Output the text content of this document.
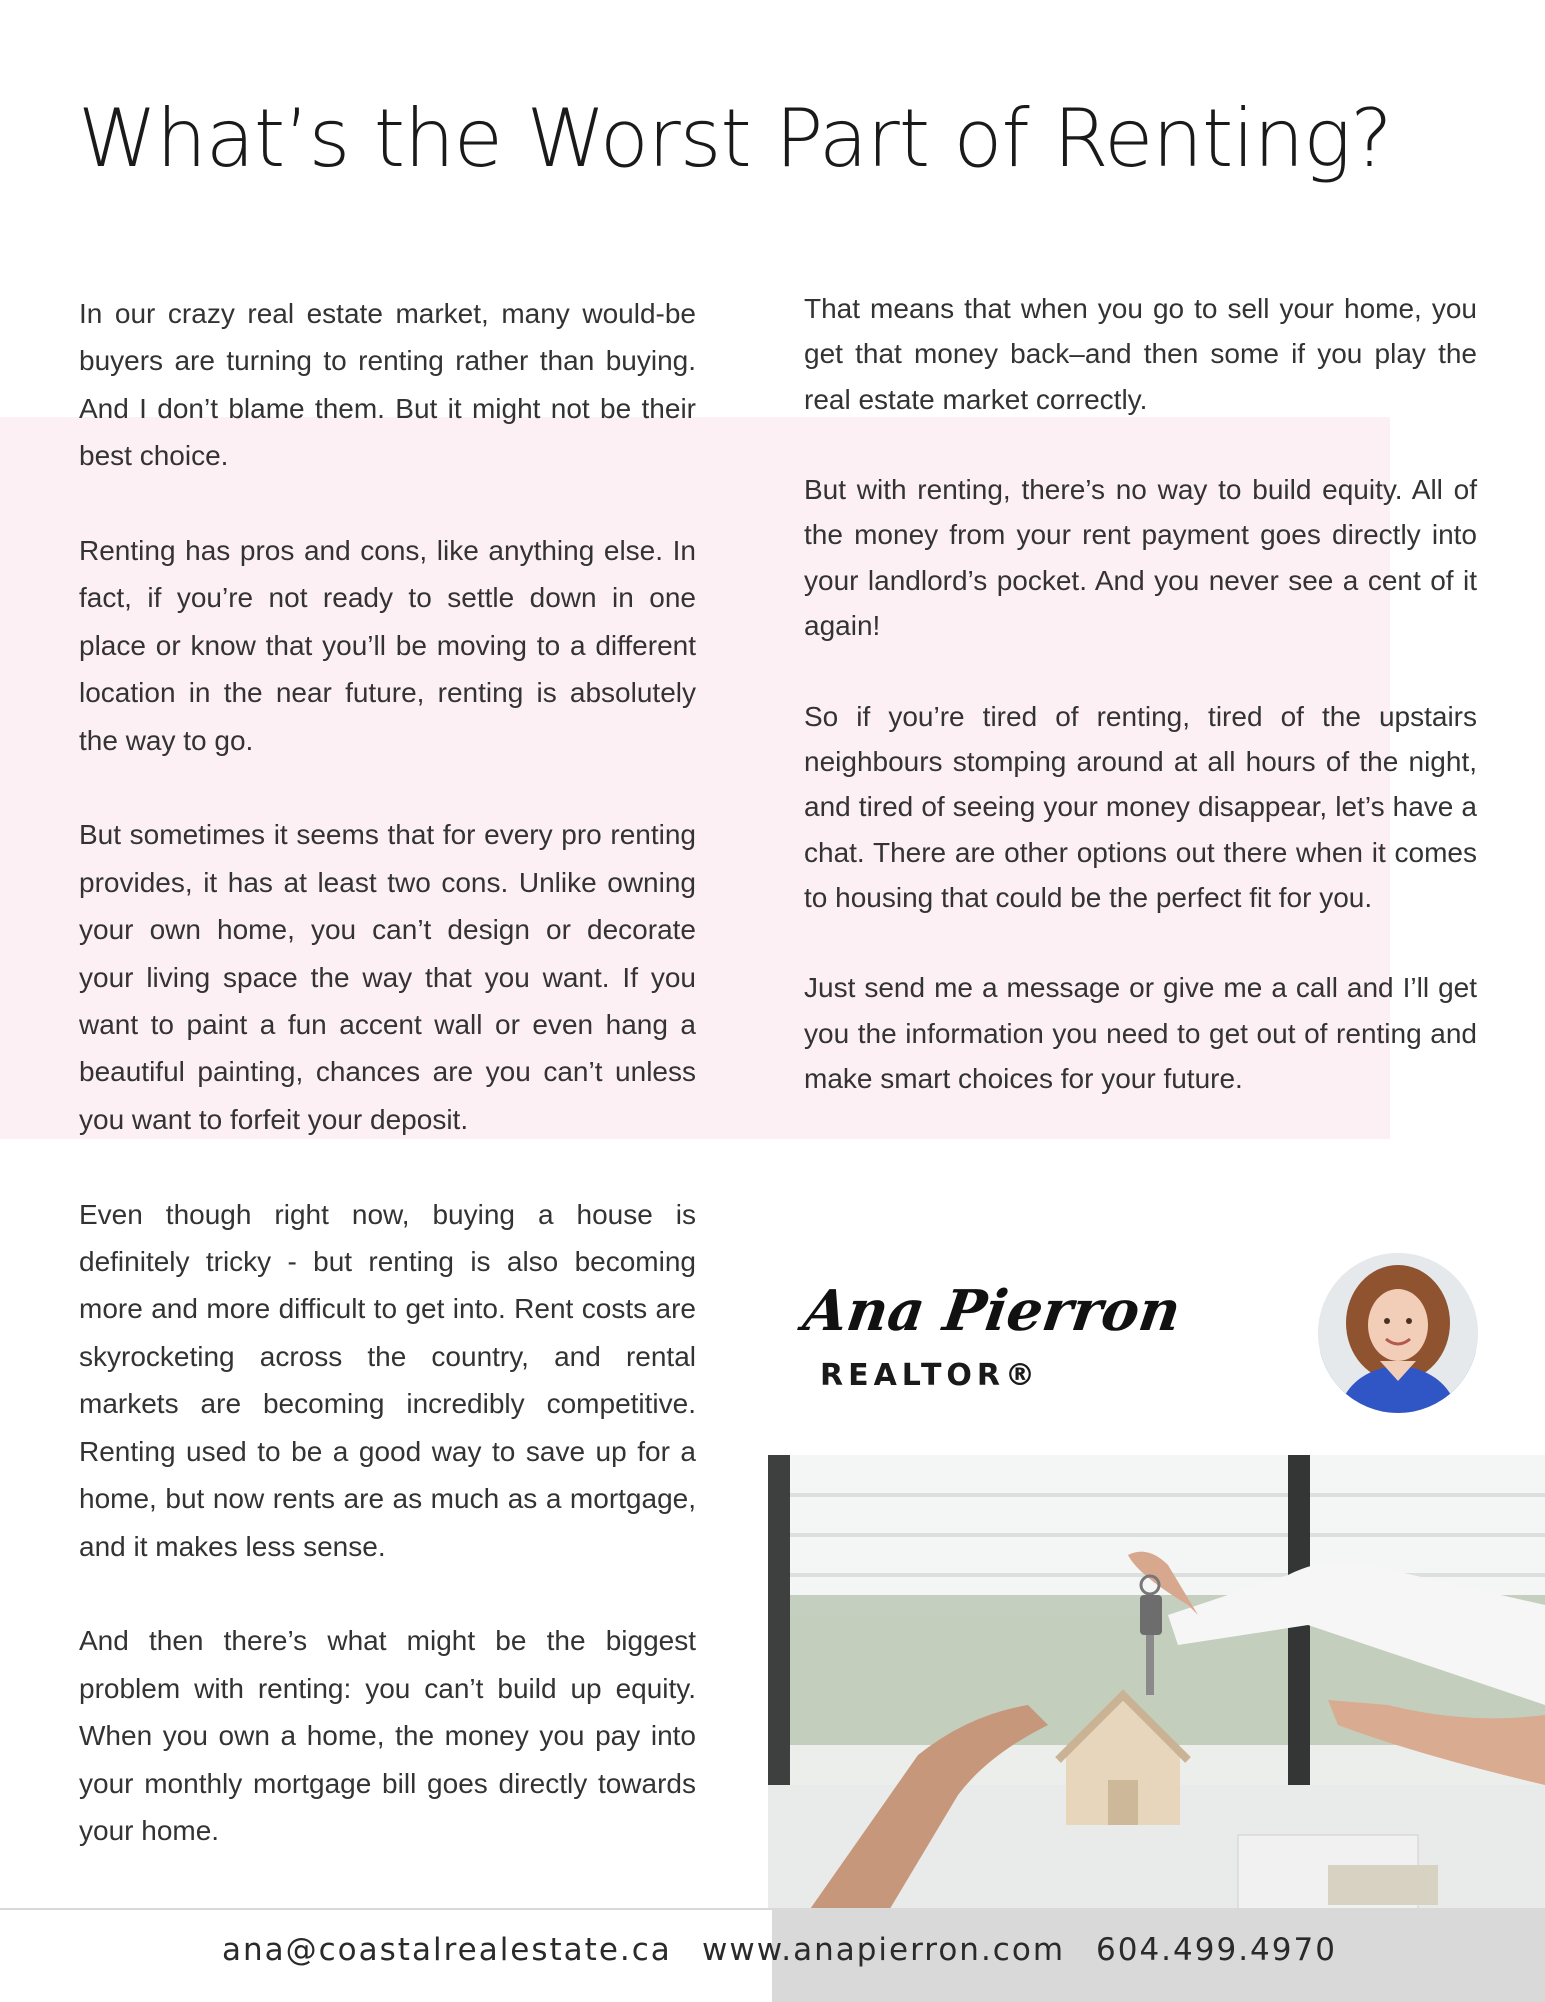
What’s the Worst Part of Renting?

In our crazy real estate market, many would-be buyers are turning to renting rather than buying. And I don’t blame them. But it might not be their best choice.

Renting has pros and cons, like anything else. In fact, if you’re not ready to settle down in one place or know that you’ll be moving to a different location in the near future, renting is absolutely the way to go.

But sometimes it seems that for every pro renting provides, it has at least two cons. Unlike owning your own home, you can’t design or decorate your living space the way that you want. If you want to paint a fun accent wall or even hang a beautiful painting, chances are you can’t unless you want to forfeit your deposit.

Even though right now, buying a house is definitely tricky - but renting is also becoming more and more difficult to get into. Rent costs are skyrocketing across the country, and rental markets are becoming incredibly competitive. Renting used to be a good way to save up for a home, but now rents are as much as a mortgage, and it makes less sense.

And then there’s what might be the biggest problem with renting: you can’t build up equity. When you own a home, the money you pay into your monthly mortgage bill goes directly towards your home.

That means that when you go to sell your home, you get that money back–and then some if you play the real estate market correctly.

But with renting, there’s no way to build equity. All of the money from your rent payment goes directly into your landlord’s pocket. And you never see a cent of it again!

So if you’re tired of renting, tired of the upstairs neighbours stomping around at all hours of the night, and tired of seeing your money disappear, let’s have a chat. There are other options out there when it comes to housing that could be the perfect fit for you.

Just send me a message or give me a call and I’ll get you the information you need to get out of renting and make smart choices for your future.

Ana Pierron
REALTOR®
ana@coastalrealestate.ca www.anapierron.com 604.499.4970
